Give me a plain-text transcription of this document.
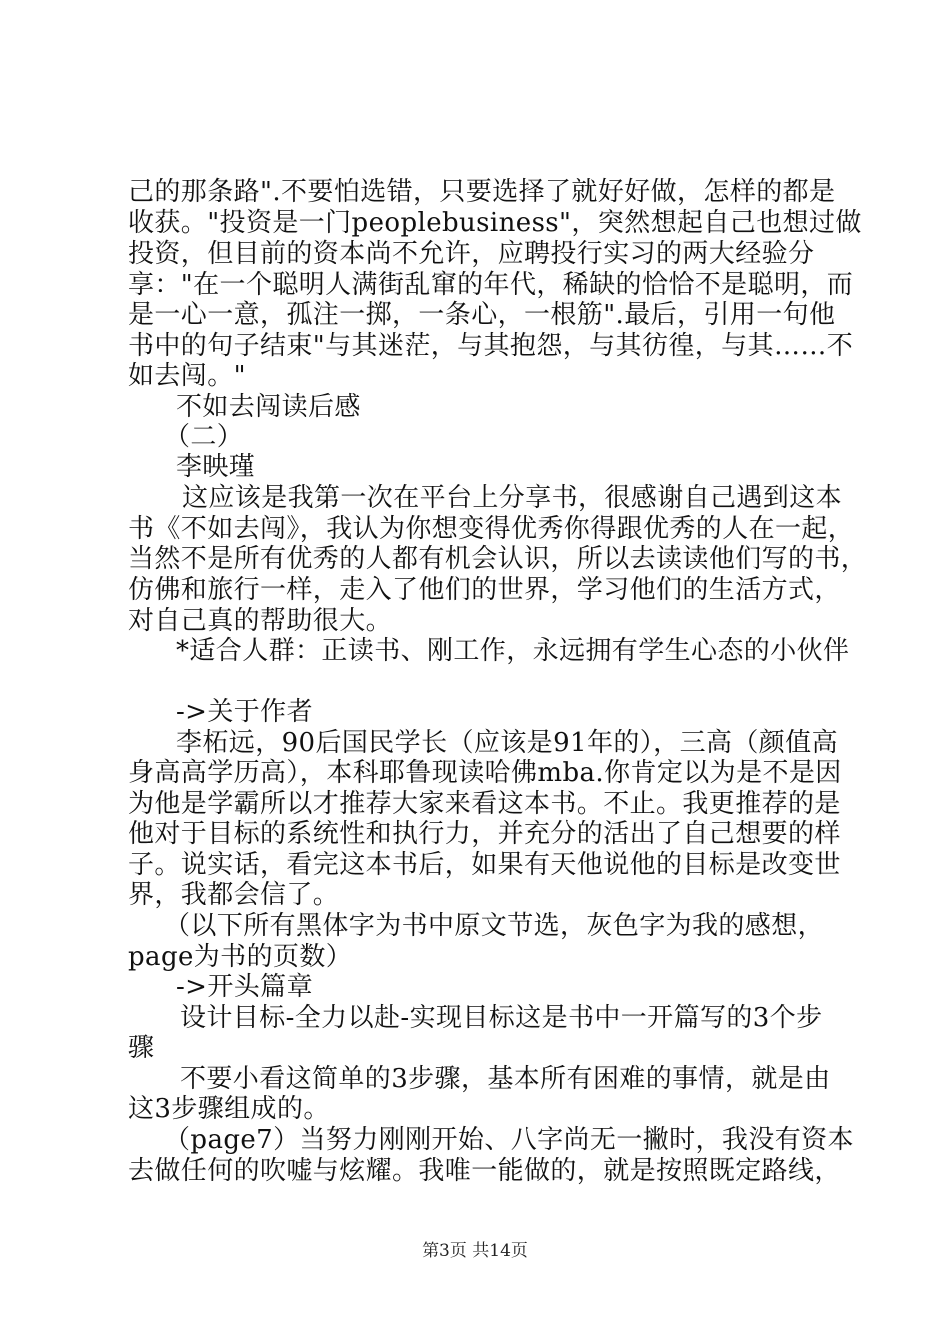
己的那条路".不要怕选错，只要选择了就好好做，怎样的都是
收获。"投资是一门peoplebusiness"，突然想起自己也想过做
投资，但目前的资本尚不允许，应聘投行实习的两大经验分
享："在一个聪明人满街乱窜的年代，稀缺的恰恰不是聪明，而
是一心一意，孤注一掷，一条心，一根筋".最后，引用一句他
书中的句子结束"与其迷茫，与其抱怨，与其彷徨，与其……不
如去闯。"
不如去闯读后感
（二）
李映瑾
这应该是我第一次在平台上分享书，很感谢自己遇到这本
书《不如去闯》，我认为你想变得优秀你得跟优秀的人在一起，
当然不是所有优秀的人都有机会认识，所以去读读他们写的书，
仿佛和旅行一样，走入了他们的世界，学习他们的生活方式，
对自己真的帮助很大。
*适合人群：正读书、刚工作，永远拥有学生心态的小伙伴
->关于作者
李柘远，90后国民学长（应该是91年的），三高（颜值高
身高高学历高），本科耶鲁现读哈佛mba.你肯定以为是不是因
为他是学霸所以才推荐大家来看这本书。不止。我更推荐的是
他对于目标的系统性和执行力，并充分的活出了自己想要的样
子。说实话，看完这本书后，如果有天他说他的目标是改变世
界，我都会信了。
（以下所有黑体字为书中原文节选，灰色字为我的感想，
page为书的页数）
->开头篇章
设计目标-全力以赴-实现目标这是书中一开篇写的3个步
骤
不要小看这简单的3步骤，基本所有困难的事情，就是由
这3步骤组成的。
（page7）当努力刚刚开始、八字尚无一撇时，我没有资本
去做任何的吹嘘与炫耀。我唯一能做的，就是按照既定路线，
第3页 共14页
